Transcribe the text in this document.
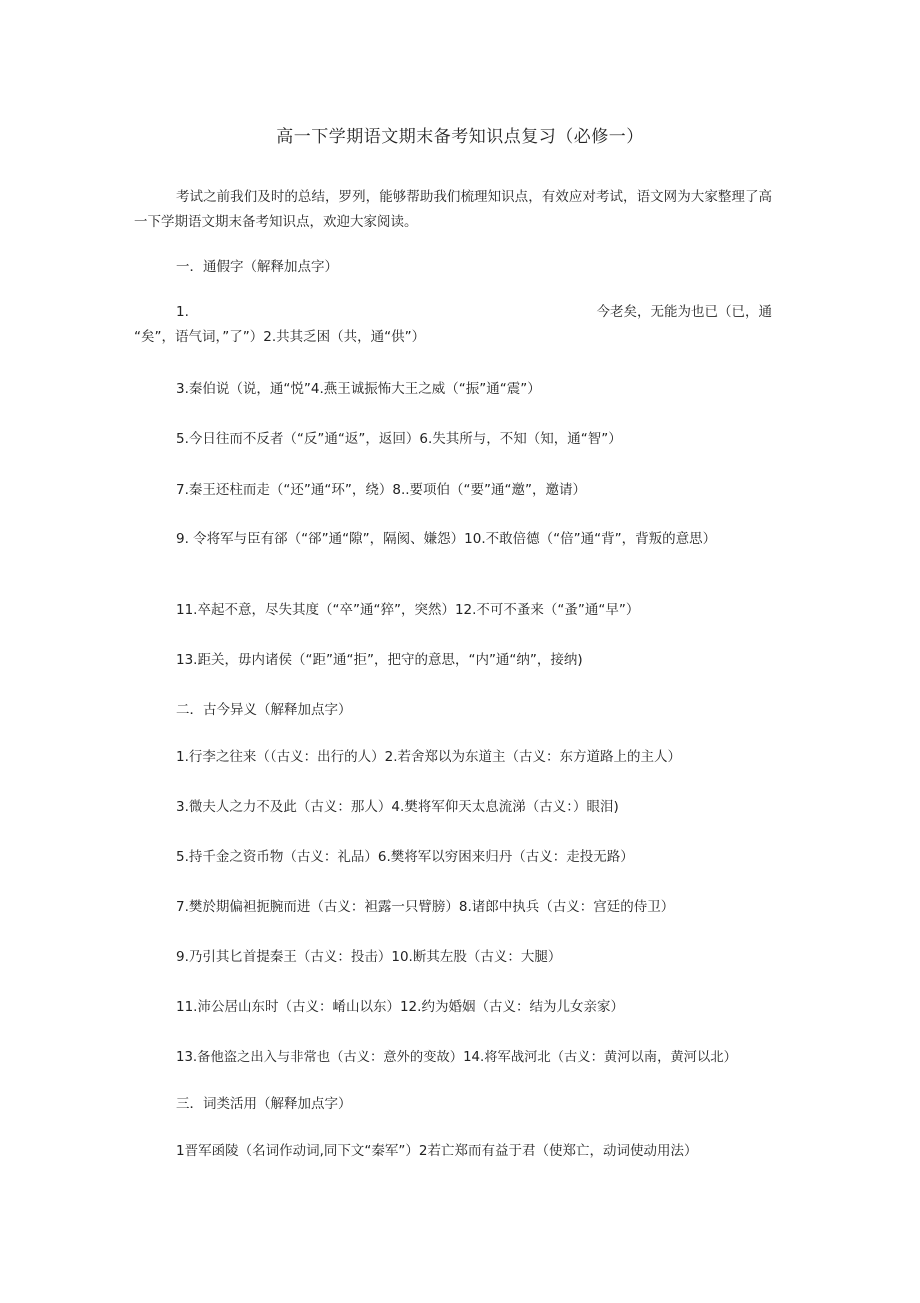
高一下学期语文期末备考知识点复习（必修一）
考试之前我们及时的总结，罗列，能够帮助我们梳理知识点，有效应对考试，语文网为大家整理了高一下学期语文期末备考知识点，欢迎大家阅读。
一．通假字（解释加点字）
1.	今老矣，无能为也已（已，通
“矣”，语气词，”了”）2.共其乏困（共，通“供”）
3.秦伯说（说，通“悦”4.燕王诚振怖大王之威（“振”通“震”）
5.今日往而不反者（“反”通“返”，返回）6.失其所与，不知（知，通“智”）
7.秦王还柱而走（“还”通“环”，绕）8..要项伯（“要”通“邀”，邀请）
9. 令将军与臣有郤（“郤”通“隙”，隔阂、嫌怨）10.不敢倍德（“倍”通“背”，背叛的意思）
11.卒起不意，尽失其度（“卒”通“猝”，突然）12.不可不蚤来（“蚤”通“早”）
13.距关，毋内诸侯（“距”通“拒”，把守的意思，“内”通“纳”，接纳)
二．古今异义（解释加点字）
1.行李之往来（（古义：出行的人）2.若舍郑以为东道主（古义：东方道路上的主人）
3.微夫人之力不及此（古义：那人）4.樊将军仰天太息流涕（古义：）眼泪)
5.持千金之资币物（古义：礼品）6.樊将军以穷困来归丹（古义：走投无路）
7.樊於期偏袒扼腕而进（古义：袒露一只臂膀）8.诸郎中执兵（古义：宫廷的侍卫）
9.乃引其匕首提秦王（古义：投击）10.断其左股（古义：大腿）
11.沛公居山东时（古义：崤山以东）12.约为婚姻（古义：结为儿女亲家）
13.备他盗之出入与非常也（古义：意外的变故）14.将军战河北（古义：黄河以南，黄河以北）
三．词类活用（解释加点字）
1晋军函陵（名词作动词,同下文“秦军”）2若亡郑而有益于君（使郑亡，动词使动用法）
